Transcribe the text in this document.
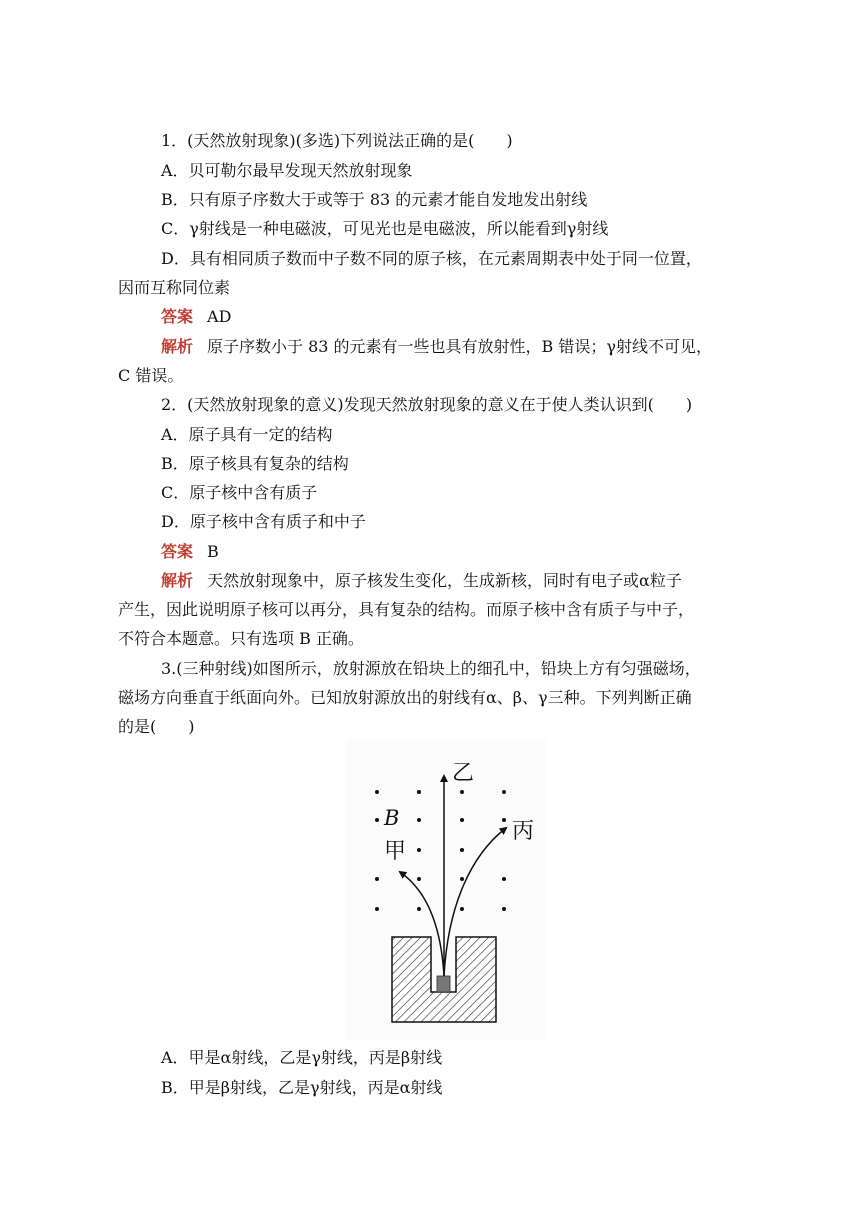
1．(天然放射现象)(多选)下列说法正确的是(　　)
A．贝可勒尔最早发现天然放射现象
B．只有原子序数大于或等于 83 的元素才能自发地发出射线
C．γ射线是一种电磁波，可见光也是电磁波，所以能看到γ射线
D．具有相同质子数而中子数不同的原子核，在元素周期表中处于同一位置，
因而互称同位素
答案 AD
解析 原子序数小于 83 的元素有一些也具有放射性，B 错误；γ射线不可见，
C 错误。
2．(天然放射现象的意义)发现天然放射现象的意义在于使人类认识到(　　)
A．原子具有一定的结构
B．原子核具有复杂的结构
C．原子核中含有质子
D．原子核中含有质子和中子
答案 B
解析 天然放射现象中，原子核发生变化，生成新核，同时有电子或α粒子
产生，因此说明原子核可以再分，具有复杂的结构。而原子核中含有质子与中子，
不符合本题意。只有选项 B 正确。
3.(三种射线)如图所示，放射源放在铅块上的细孔中，铅块上方有匀强磁场，
磁场方向垂直于纸面向外。已知放射源放出的射线有α、β、γ三种。下列判断正确
的是(　　)
乙
B
甲
丙
A．甲是α射线，乙是γ射线，丙是β射线
B．甲是β射线，乙是γ射线，丙是α射线
